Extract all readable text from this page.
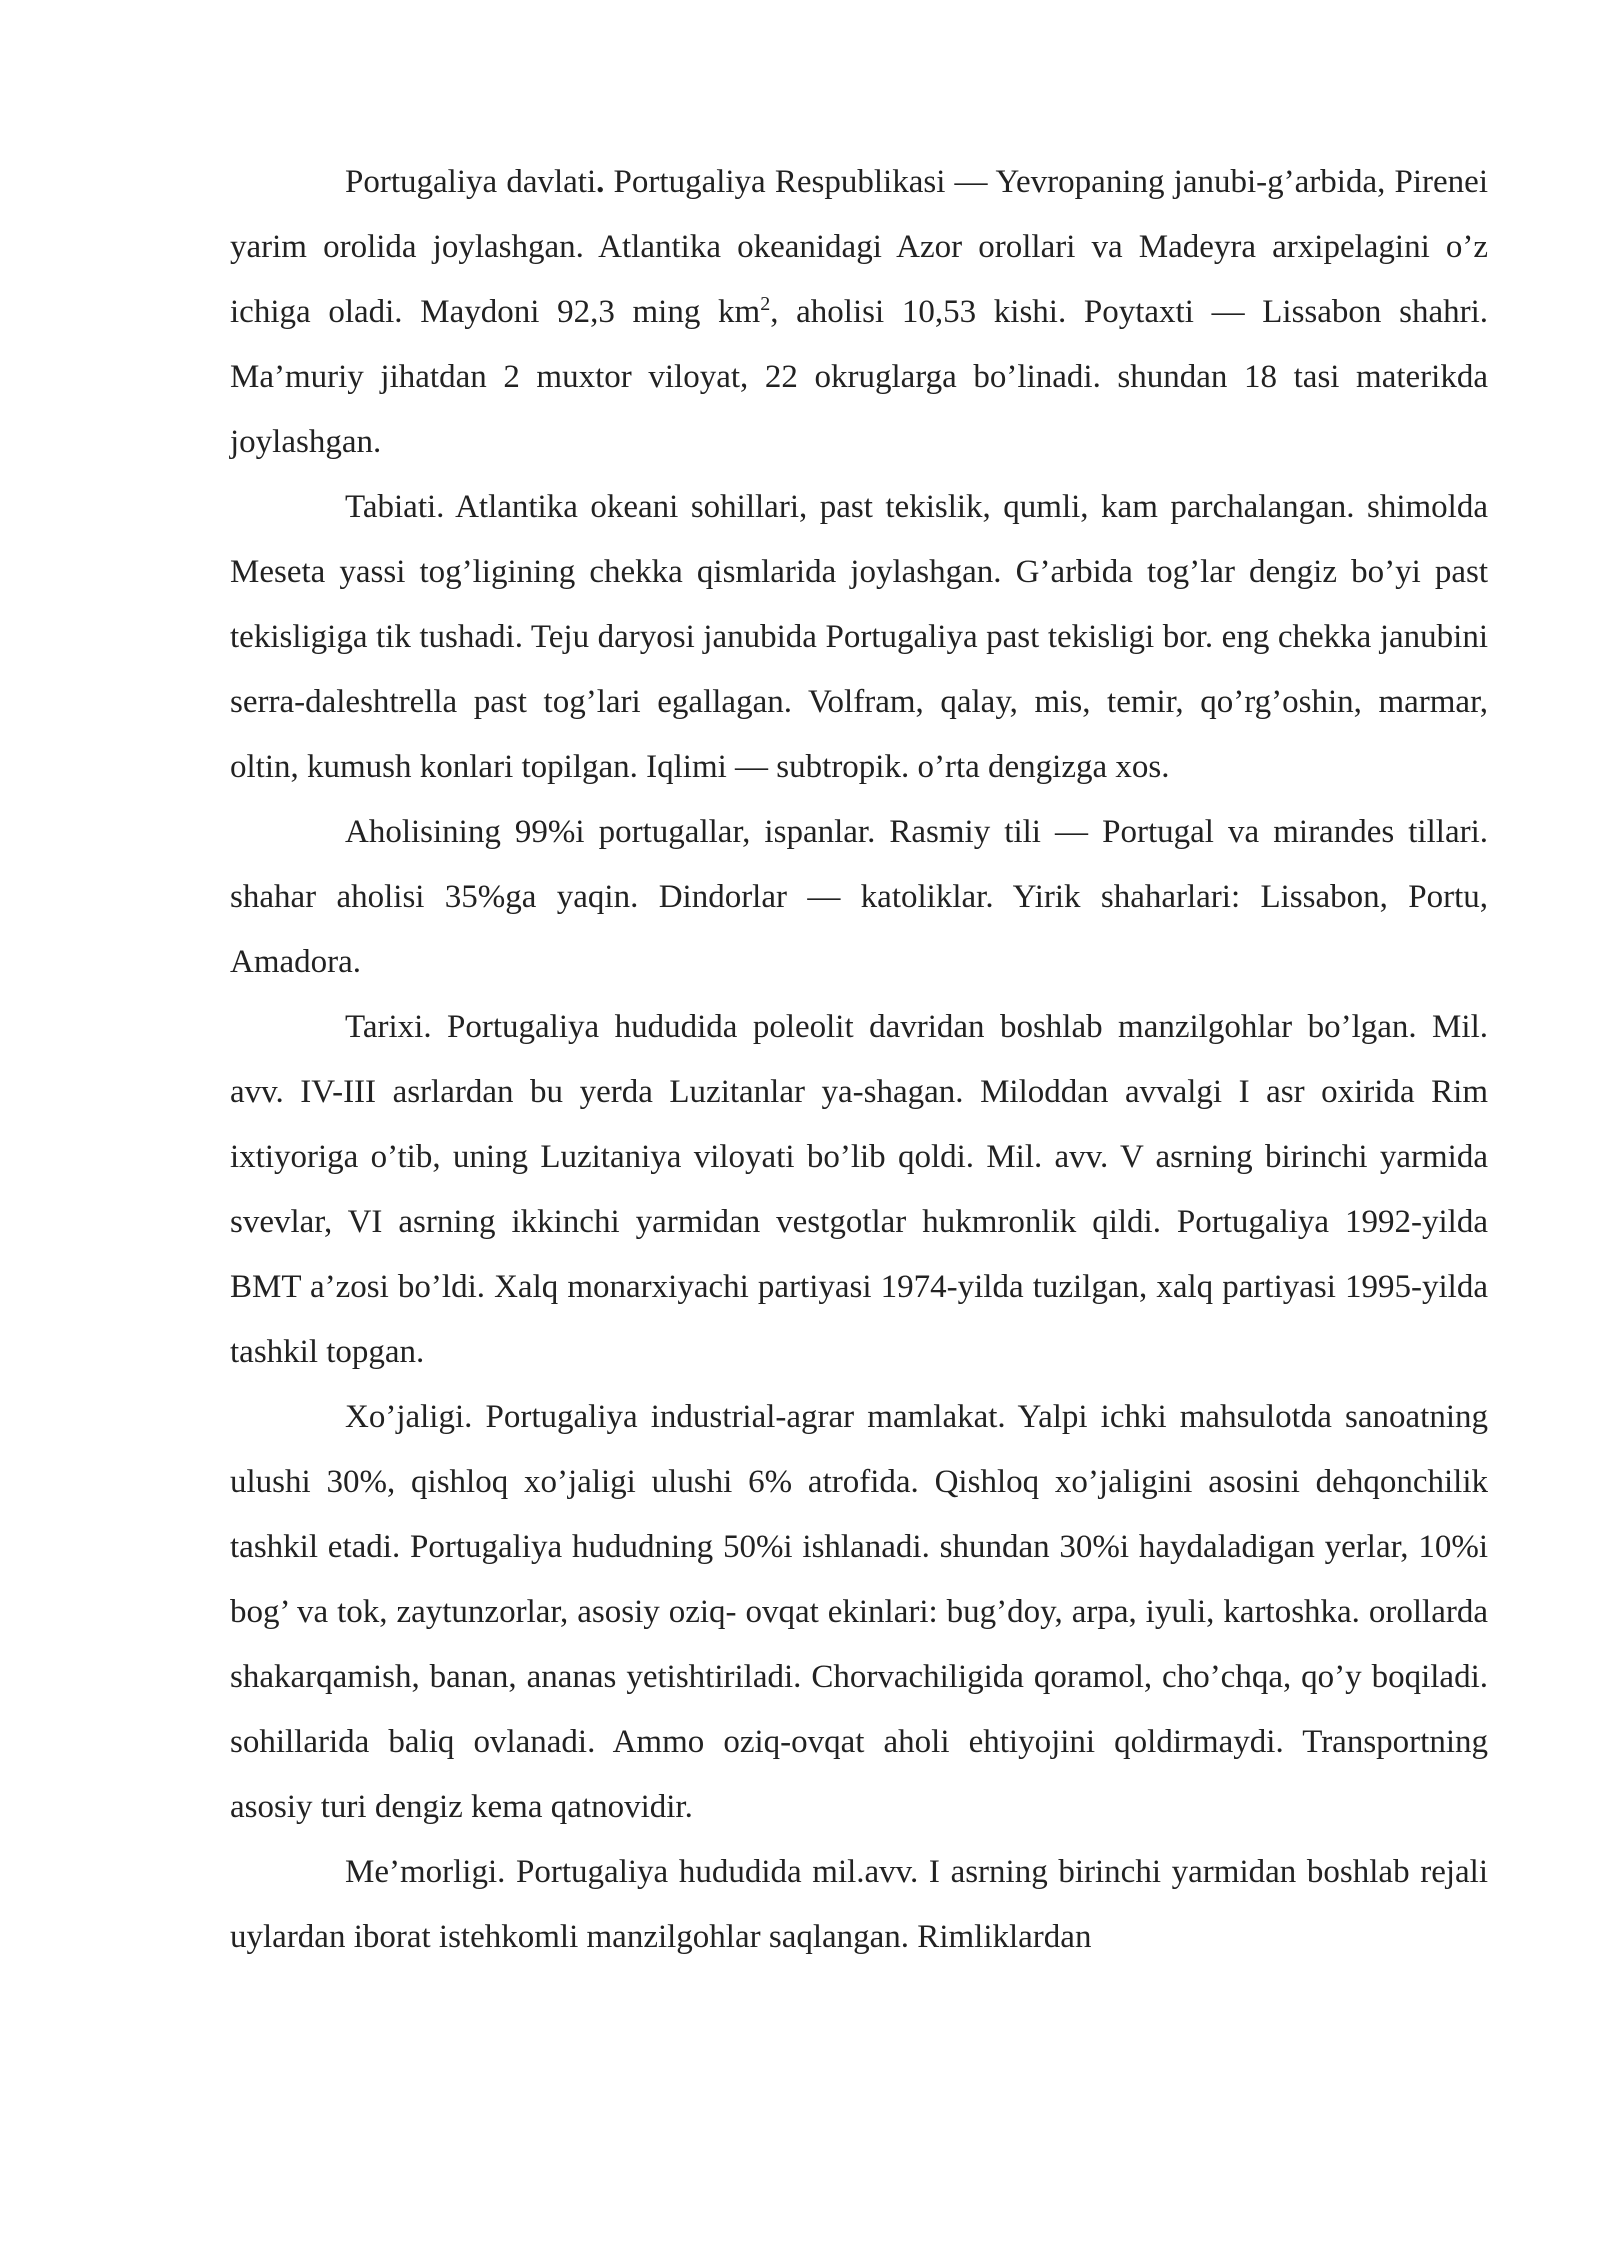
Portugaliya davlati. Portugaliya Respublikasi — Yevropaning janubi-g’arbida, Pirenei yarim orolida joylashgan. Atlantika okeanidagi Azor orollari va Madeyra arxipelagini o’z ichiga oladi. Maydoni 92,3 ming $km^2$, aholisi 10,53 kishi. Poytaxti — Lissabon shahri. Ma’muriy jihatdan 2 muxtor viloyat, 22 okruglarga bo’linadi. shundan 18 tasi materikda joylashgan.

Tabiati. Atlantika okeani sohillari, past tekislik, qumli, kam parchalangan. shimolda Meseta yassi tog’ligining chekka qismlarida joylashgan. G’arbida tog’lar dengiz bo’yi past tekisligiga tik tushadi. Teju daryosi janubida Portugaliya past tekisligi bor. eng chekka janubini serra-daleshtrella past tog’lari egallagan. Volfram, qalay, mis, temir, qo’rg’oshin, marmar, oltin, kumush konlari topilgan. Iqlimi — subtropik. o’rta dengizga xos.

Aholisining 99%i portugallar, ispanlar. Rasmiy tili — Portugal va mirandes tillari. shahar aholisi 35%ga yaqin. Dindorlar — katoliklar. Yirik shaharlari: Lissabon, Portu, Amadora.

Tarixi. Portugaliya hududida poleolit davridan boshlab manzilgohlar bo’lgan. Mil. avv. IV-III asrlardan bu yerda Luzitanlar ya-shagan. Miloddan avvalgi I asr oxirida Rim ixtiyoriga o’tib, uning Luzitaniya viloyati bo’lib qoldi. Mil. avv. V asrning birinchi yarmida svevlar, VI asrning ikkinchi yarmidan vestgotlar hukmronlik qildi. Portugaliya 1992-yilda BMT a’zosi bo’ldi. Xalq monarxiyachi partiyasi 1974-yilda tuzilgan, xalq partiyasi 1995-yilda tashkil topgan.

Xo’jaligi. Portugaliya industrial-agrar mamlakat. Yalpi ichki mahsulotda sanoatning ulushi 30%, qishloq xo’jaligi ulushi 6% atrofida. Qishloq xo’jaligini asosini dehqonchilik tashkil etadi. Portugaliya hududning 50%i ishlanadi. shundan 30%i haydaladigan yerlar, 10%i bog’ va tok, zaytunzorlar, asosiy oziq- ovqat ekinlari: bug’doy, arpa, iyuli, kartoshka. orollarda shakarqamish, banan, ananas yetishtiriladi. Chorvachiligida qoramol, cho’chqa, qo’y boqiladi. sohillarida baliq ovlanadi. Ammo oziq-ovqat aholi ehtiyojini qoldirmaydi. Transportning asosiy turi dengiz kema qatnovidir.

Me’morligi. Portugaliya hududida mil.avv. I asrning birinchi yarmidan boshlab rejali uylardan iborat istehkomli manzilgohlar saqlangan. Rimliklardan
